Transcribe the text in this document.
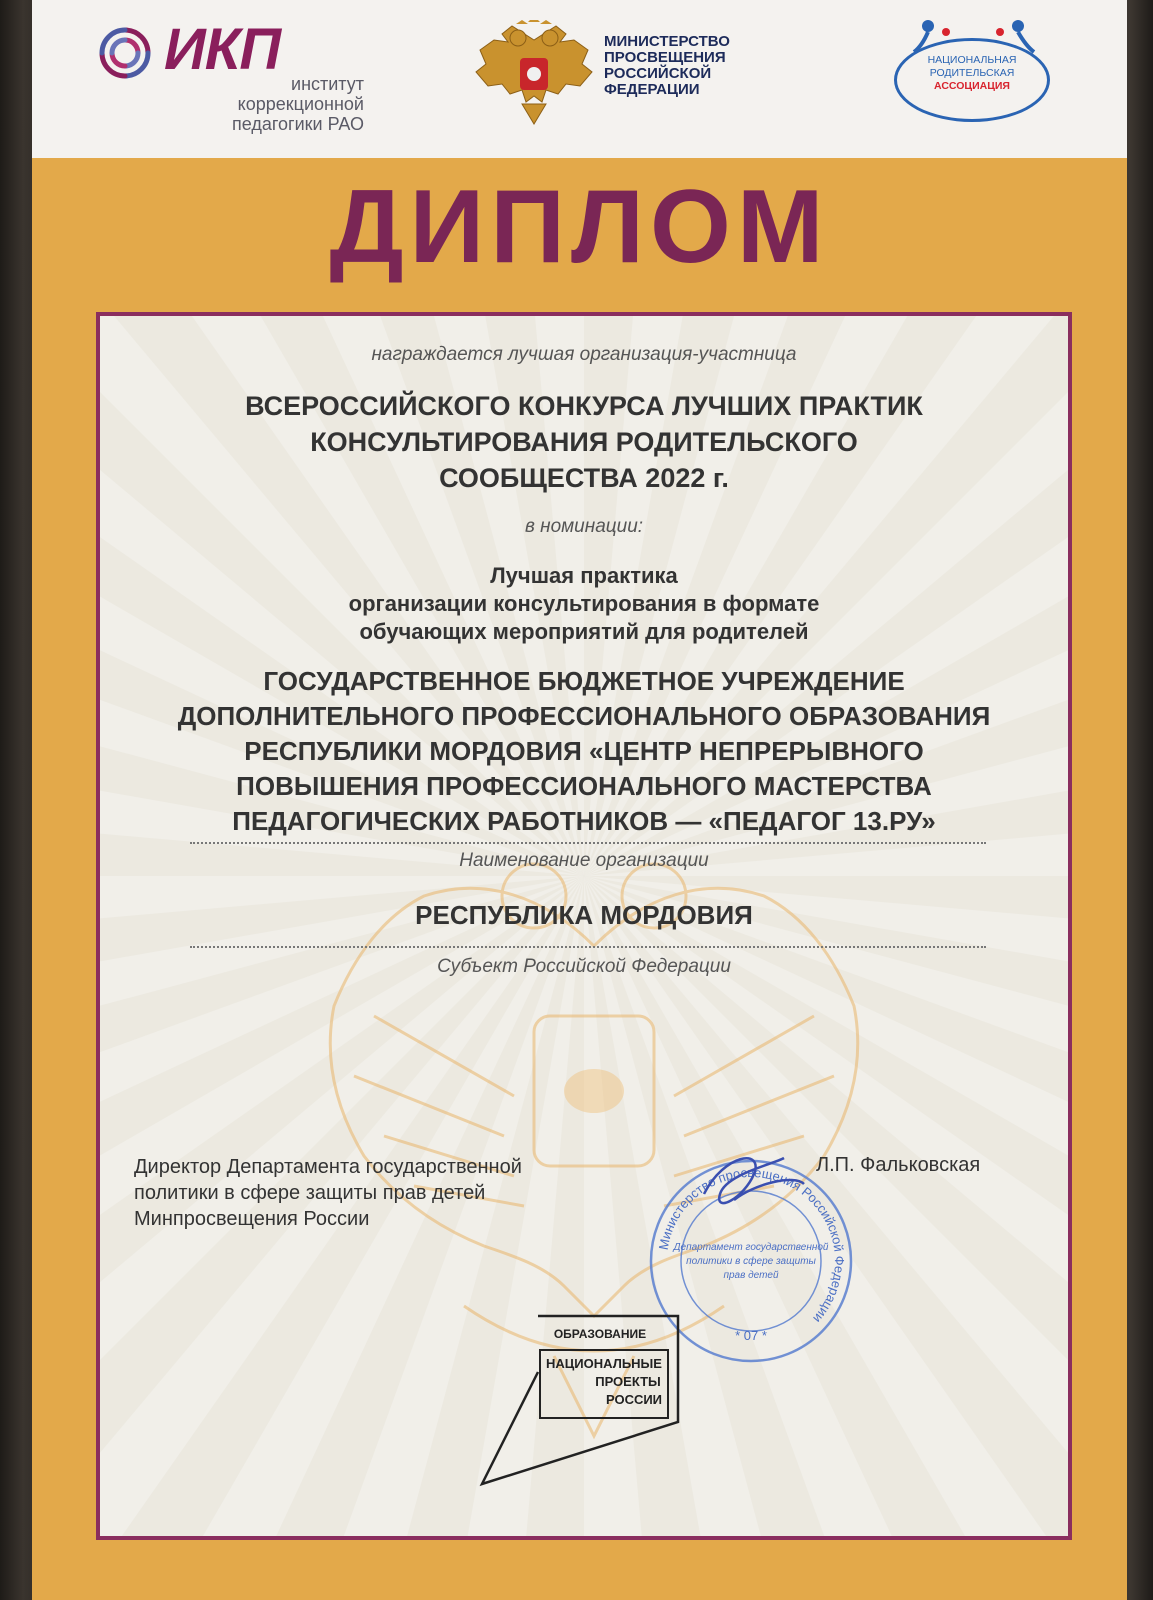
ИКП
институт
коррекционной
педагогики РАО
МИНИСТЕРСТВО
ПРОСВЕЩЕНИЯ
РОССИЙСКОЙ
ФЕДЕРАЦИИ
НАЦИОНАЛЬНАЯ
РОДИТЕЛЬСКАЯ
АССОЦИАЦИЯ
ДИПЛОМ
награждается лучшая организация-участница
ВСЕРОССИЙСКОГО КОНКУРСА ЛУЧШИХ ПРАКТИК
КОНСУЛЬТИРОВАНИЯ РОДИТЕЛЬСКОГО
СООБЩЕСТВА 2022 г.
в номинации:
Лучшая практика
организации консультирования в формате
обучающих мероприятий для родителей
ГОСУДАРСТВЕННОЕ БЮДЖЕТНОЕ УЧРЕЖДЕНИЕ
ДОПОЛНИТЕЛЬНОГО ПРОФЕССИОНАЛЬНОГО ОБРАЗОВАНИЯ
РЕСПУБЛИКИ МОРДОВИЯ «ЦЕНТР НЕПРЕРЫВНОГО
ПОВЫШЕНИЯ ПРОФЕССИОНАЛЬНОГО МАСТЕРСТВА
ПЕДАГОГИЧЕСКИХ РАБОТНИКОВ — «ПЕДАГОГ 13.РУ»
Наименование организации
РЕСПУБЛИКА МОРДОВИЯ
Субъект Российской Федерации
Директор Департамента государственной
политики в сфере защиты прав детей
Минпросвещения России
Л.П. Фальковская
Министерство просвещения Российской Федерации
Департамент государственной
политики в сфере защиты
прав детей
* 07 *
ОБРАЗОВАНИЕ
НАЦИОНАЛЬНЫЕ
ПРОЕКТЫ
РОССИИ
